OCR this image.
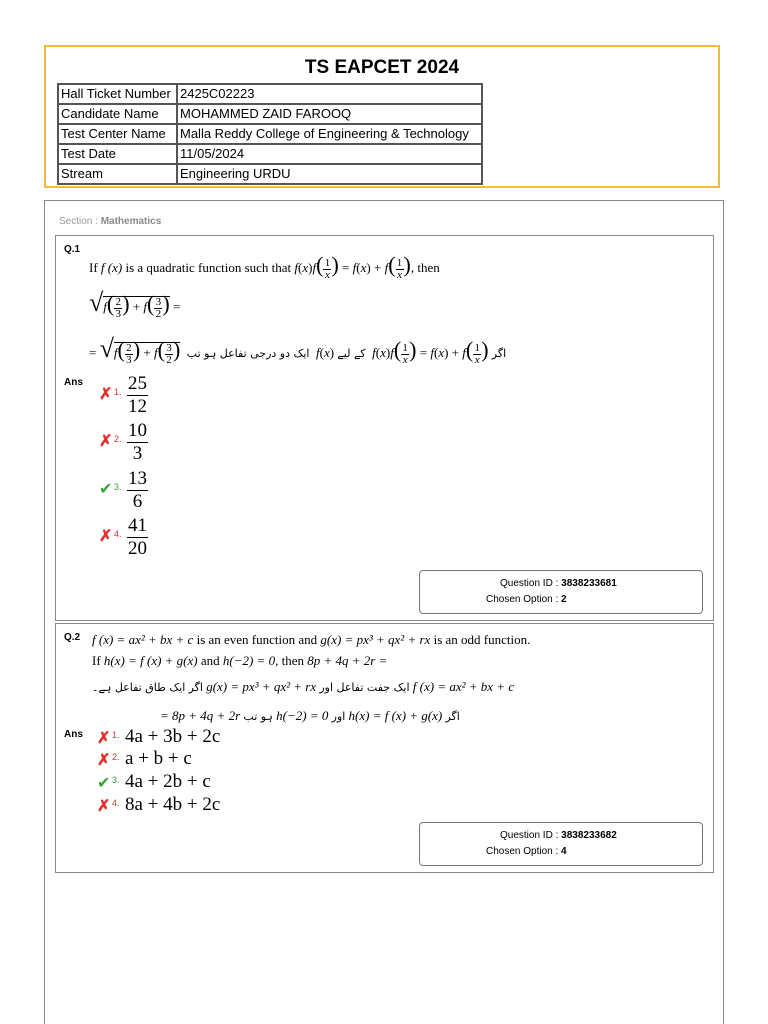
TS EAPCET 2024
Hall Ticket Number	2425C02223
Candidate Name	MOHAMMED ZAID FAROOQ
Test Center Name	Malla Reddy College of Engineering & Technology
Test Date	11/05/2024
Stream	Engineering URDU
Section : Mathematics
Q.1
If f (x) is a quadratic function such that $f(x)f( \frac{1}{x}$ ) = $f(x) + f( \frac{1}{x}$ ), then
$√f( \frac{2}{3}$ ) + $f( \frac{3}{2}$ ) =
= $√f( \frac{2}{3}$ ) + $f( \frac{3}{2}$ ) ایک دو درجی تفاعل ہو تب f(x) کے لیے $f(x)f( \frac{1}{x}$ ) = $f(x) + f( \frac{1}{x}$ ) اگر
Ans
✗ 1. 25
12
✗ 2. 10
3
✔ 3. 13
6
✗ 4. 41
20
Question ID : 3838233681
Chosen Option : 2
Q.2 f (x) = ax² + bx + c is an even function and g(x) = px³ + qx² + rx is an odd function.
If h(x) = f (x) + g(x) and h(−2) = 0, then 8p + 4q + 2r =
اگر ایک طاق تفاعل ہے۔ g(x) = px³ + qx² + rx ایک جفت تفاعل اور f (x) = ax² + bx + c
= 8p + 4q + 2r ہو تب h(−2) = 0 اور h(x) = f (x) + g(x) اگر
Ans ✗ 1. 4a + 3b + 2c
✗ 2. a + b + c
✔ 3. 4a + 2b + c
✗ 4. 8a + 4b + 2c
Question ID : 3838233682
Chosen Option : 4
